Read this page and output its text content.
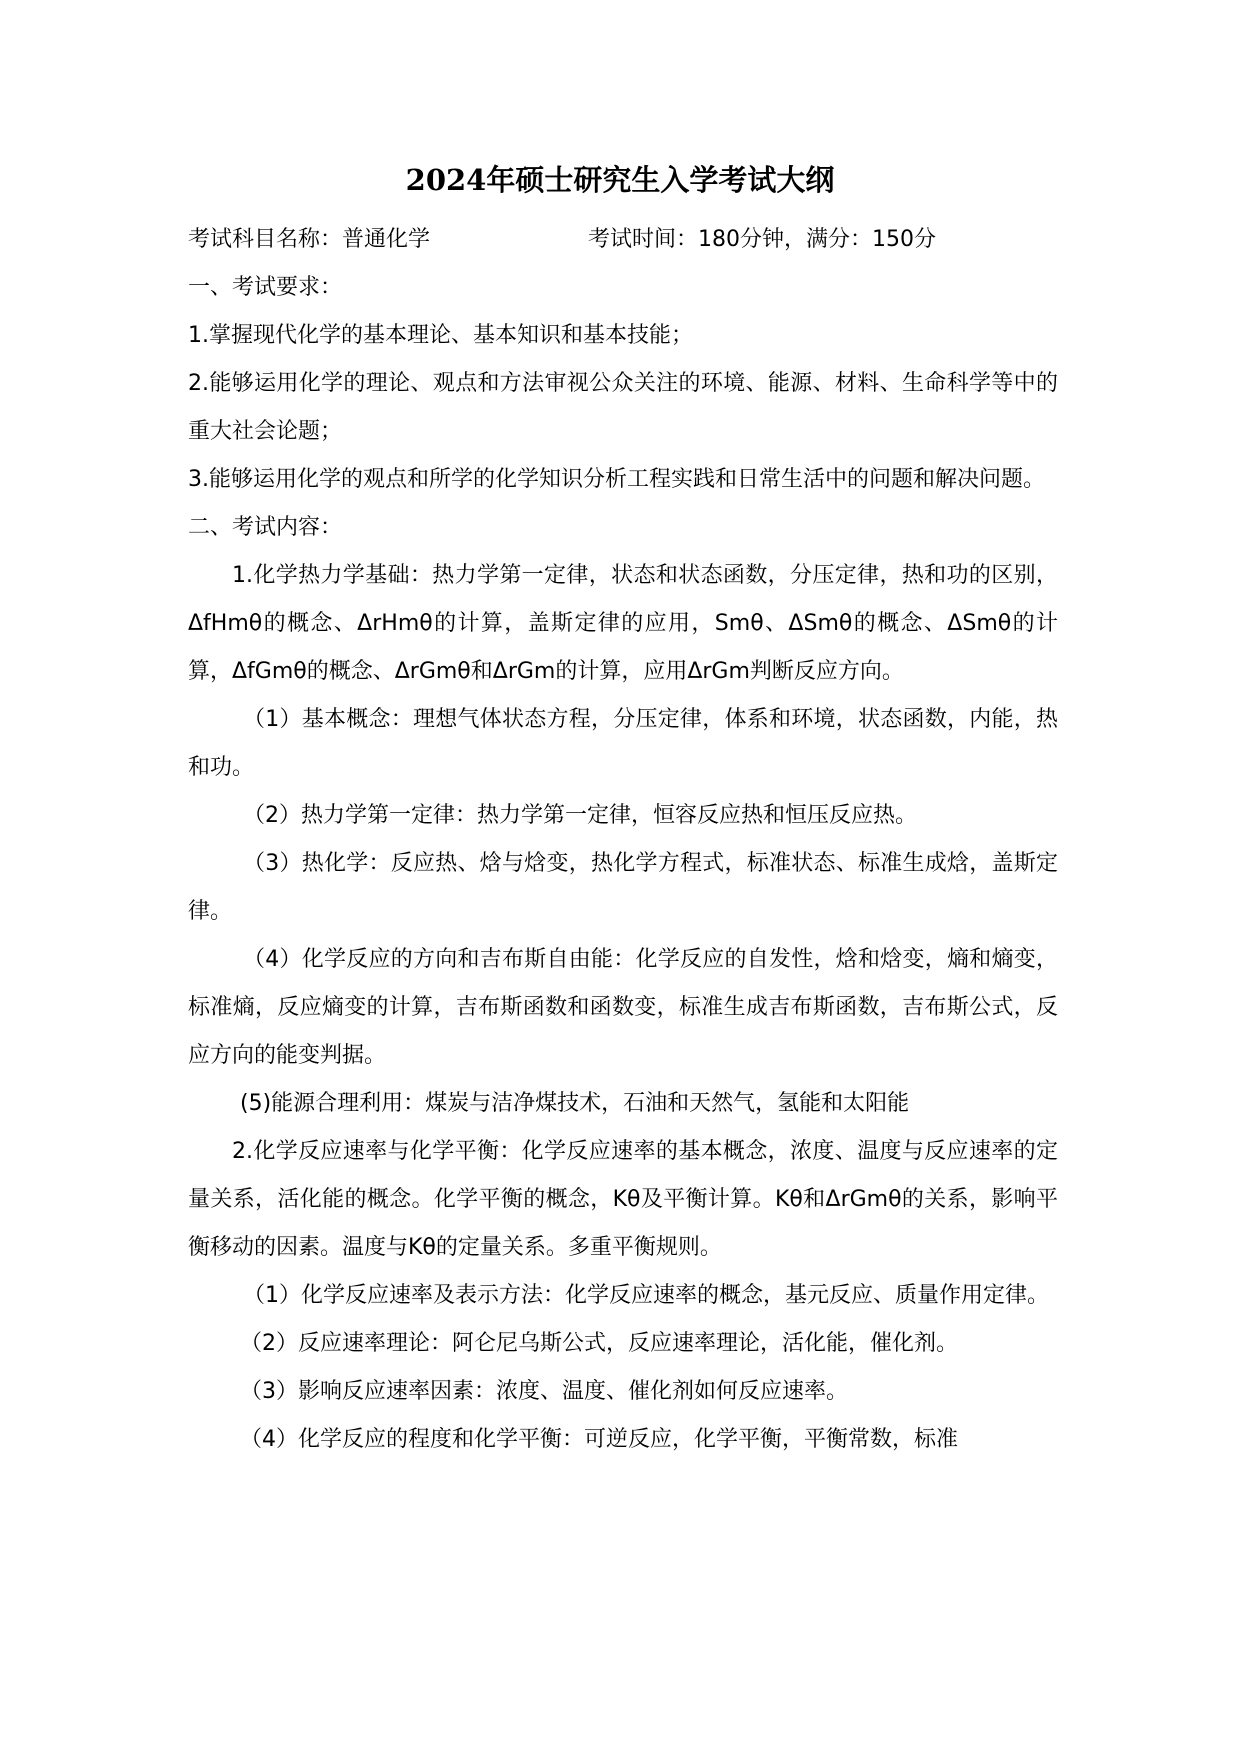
2024年硕士研究生入学考试大纲
考试科目名称：普通化学	考试时间：180分钟，满分：150分

一、考试要求：

1.掌握现代化学的基本理论、基本知识和基本技能；

2.能够运用化学的理论、观点和方法审视公众关注的环境、能源、材料、生命科学等中的重大社会论题；

3.能够运用化学的观点和所学的化学知识分析工程实践和日常生活中的问题和解决问题。

二、考试内容：

1.化学热力学基础：热力学第一定律，状态和状态函数，分压定律，热和功的区别，ΔfHmθ的概念、ΔrHmθ的计算，盖斯定律的应用，Smθ、ΔSmθ的概念、ΔSmθ的计算，ΔfGmθ的概念、ΔrGmθ和ΔrGm的计算，应用ΔrGm判断反应方向。

（1）基本概念：理想气体状态方程，分压定律，体系和环境，状态函数，内能，热和功。

（2）热力学第一定律：热力学第一定律，恒容反应热和恒压反应热。

（3）热化学：反应热、焓与焓变，热化学方程式，标准状态、标准生成焓，盖斯定律。

（4）化学反应的方向和吉布斯自由能：化学反应的自发性，焓和焓变，熵和熵变，标准熵，反应熵变的计算，吉布斯函数和函数变，标准生成吉布斯函数，吉布斯公式，反应方向的能变判据。

(5)能源合理利用：煤炭与洁净煤技术，石油和天然气，氢能和太阳能

2.化学反应速率与化学平衡：化学反应速率的基本概念，浓度、温度与反应速率的定量关系，活化能的概念。化学平衡的概念，Kθ及平衡计算。Kθ和ΔrGmθ的关系，影响平衡移动的因素。温度与Kθ的定量关系。多重平衡规则。

（1）化学反应速率及表示方法：化学反应速率的概念，基元反应、质量作用定律。

（2）反应速率理论：阿仑尼乌斯公式，反应速率理论，活化能，催化剂。

（3）影响反应速率因素：浓度、温度、催化剂如何反应速率。

（4）化学反应的程度和化学平衡：可逆反应，化学平衡，平衡常数，标准
